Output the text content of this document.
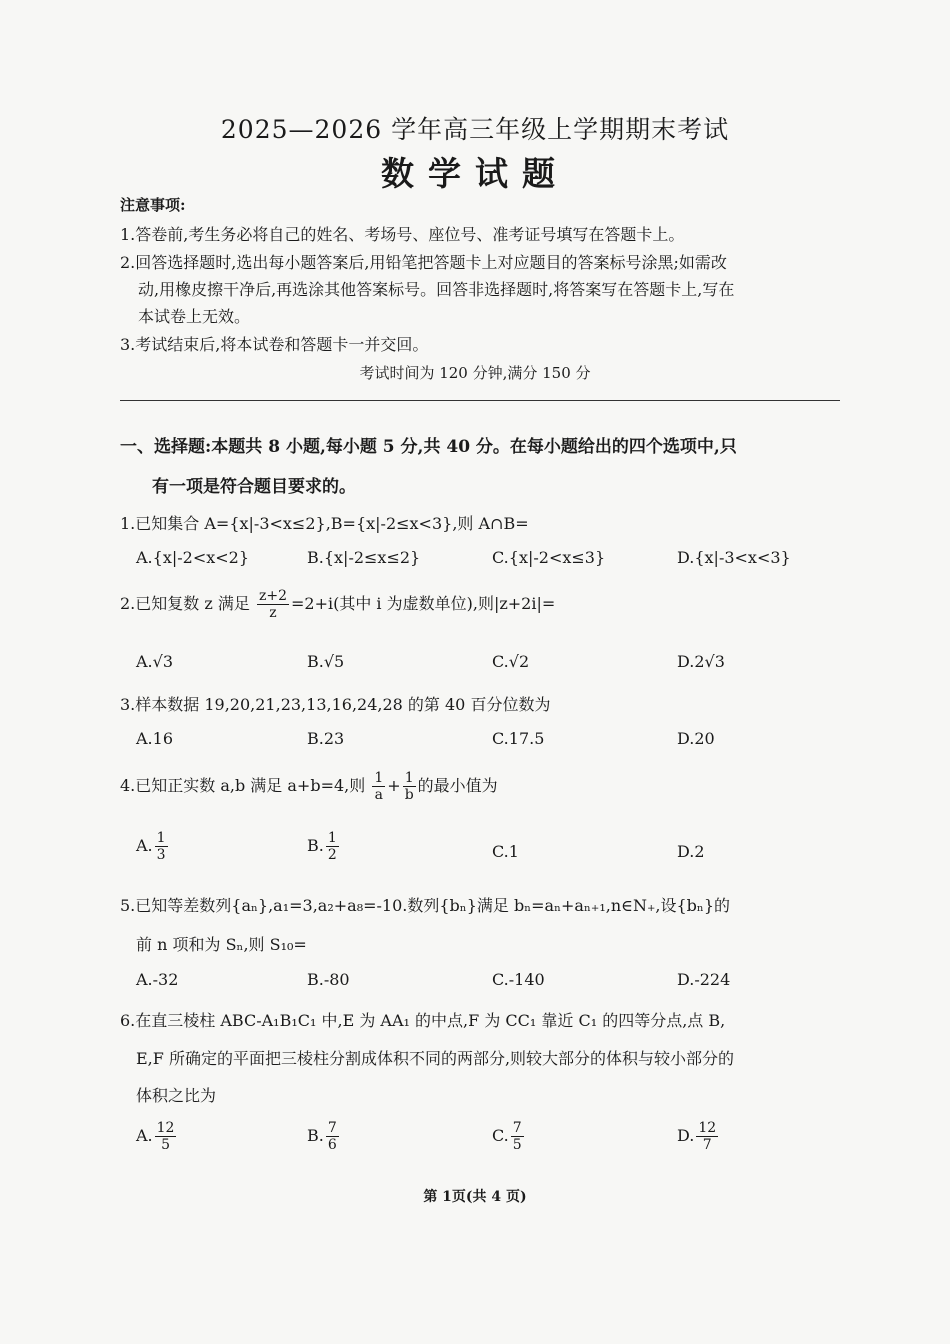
2025—2026 学年高三年级上学期期末考试
数学试题
注意事项:
1.答卷前,考生务必将自己的姓名、考场号、座位号、准考证号填写在答题卡上。
2.回答选择题时,选出每小题答案后,用铅笔把答题卡上对应题目的答案标号涂黑;如需改
动,用橡皮擦干净后,再选涂其他答案标号。回答非选择题时,将答案写在答题卡上,写在
本试卷上无效。
3.考试结束后,将本试卷和答题卡一并交回。
考试时间为 120 分钟,满分 150 分
一、选择题:本题共 8 小题,每小题 5 分,共 40 分。在每小题给出的四个选项中,只
有一项是符合题目要求的。
1.已知集合 A={x|-3<x≤2},B={x|-2≤x<3},则 A∩B=
A.{x|-2<x<2}	B.{x|-2≤x≤2}	C.{x|-2<x≤3}	D.{x|-3<x<3}
2.已知复数 z 满足 $\frac{z+2}{z} =2+i$(其中 i 为虚数单位),则|z+2i|=
A.√3	B.√5	C.√2	D.2√3
3.样本数据 19,20,21,23,13,16,24,28 的第 40 百分位数为
A.16	B.23	C.17.5	D.20
4.已知正实数 a,b 满足 a+b=4,则 $\frac{1}{a} + \frac{1}{b}$ 的最小值为
A. $\frac{1}{3}$	B. $\frac{1}{2}$	C.1	D.2
5.已知等差数列{aₙ},a₁=3,a₂+a₈=-10.数列{bₙ}满足 bₙ=aₙ+aₙ₊₁,n∈N₊,设{bₙ}的
前 n 项和为 Sₙ,则 S₁₀=
A.-32	B.-80	C.-140	D.-224
6.在直三棱柱 ABC-A₁B₁C₁ 中,E 为 AA₁ 的中点,F 为 CC₁ 靠近 C₁ 的四等分点,点 B,
E,F 所确定的平面把三棱柱分割成体积不同的两部分,则较大部分的体积与较小部分的
体积之比为
A. $\frac{12}{5}$	B. $\frac{7}{6}$	C. $\frac{7}{5}$	D. $\frac{12}{7}$
第 1页(共 4 页)
